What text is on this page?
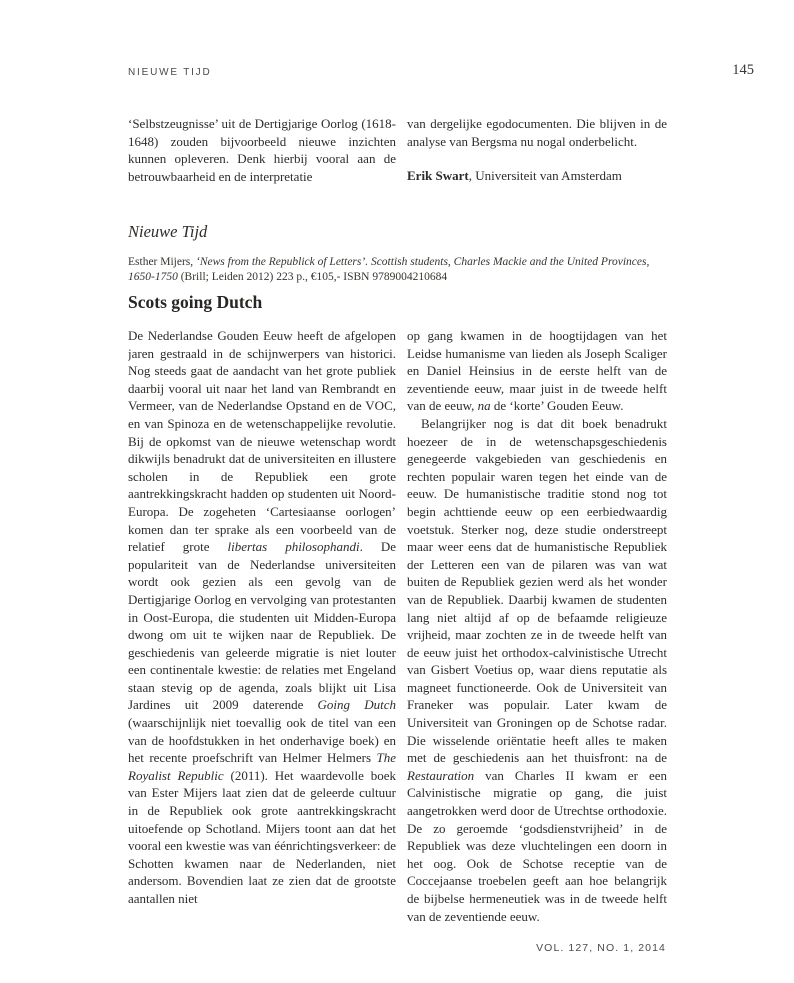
NIEUWE TIJD	145

‘Selbstzeugnisse’ uit de Dertigjarige Oorlog (1618-1648) zouden bijvoorbeeld nieuwe inzichten kunnen opleveren. Denk hierbij vooral aan de betrouwbaarheid en de interpretatie

van dergelijke egodocumenten. Die blijven in de analyse van Bergsma nu nogal onderbelicht.

Erik Swart, Universiteit van Amsterdam

Nieuwe Tijd

Esther Mijers, ‘News from the Republick of Letters’. Scottish students, Charles Mackie and the United Provinces, 1650-1750 (Brill; Leiden 2012) 223 p., €105,- ISBN 9789004210684

Scots going Dutch

De Nederlandse Gouden Eeuw heeft de afgelopen jaren gestraald in de schijnwerpers van historici. Nog steeds gaat de aandacht van het grote publiek daarbij vooral uit naar het land van Rembrandt en Vermeer, van de Nederlandse Opstand en de VOC, en van Spinoza en de wetenschappelijke revolutie. Bij de opkomst van de nieuwe wetenschap wordt dikwijls benadrukt dat de universiteiten en illustere scholen in de Republiek een grote aantrekkingskracht hadden op studenten uit Noord-Europa. De zogeheten ‘Cartesiaanse oorlogen’ komen dan ter sprake als een voorbeeld van de relatief grote libertas philosophandi. De populariteit van de Nederlandse universiteiten wordt ook gezien als een gevolg van de Dertigjarige Oorlog en vervolging van protestanten in Oost-Europa, die studenten uit Midden-Europa dwong om uit te wijken naar de Republiek. De geschiedenis van geleerde migratie is niet louter een continentale kwestie: de relaties met Engeland staan stevig op de agenda, zoals blijkt uit Lisa Jardines uit 2009 daterende Going Dutch (waarschijnlijk niet toevallig ook de titel van een van de hoofdstukken in het onderhavige boek) en het recente proefschrift van Helmer Helmers The Royalist Republic (2011). Het waardevolle boek van Ester Mijers laat zien dat de geleerde cultuur in de Republiek ook grote aantrekkingskracht uitoefende op Schotland. Mijers toont aan dat het vooral een kwestie was van éénrichtingsverkeer: de Schotten kwamen naar de Nederlanden, niet andersom. Bovendien laat ze zien dat de grootste aantallen niet

op gang kwamen in de hoogtijdagen van het Leidse humanisme van lieden als Joseph Scaliger en Daniel Heinsius in de eerste helft van de zeventiende eeuw, maar juist in de tweede helft van de eeuw, na de ‘korte’ Gouden Eeuw.

Belangrijker nog is dat dit boek benadrukt hoezeer de in de wetenschapsgeschiedenis genegeerde vakgebieden van geschiedenis en rechten populair waren tegen het einde van de eeuw. De humanistische traditie stond nog tot begin achttiende eeuw op een eerbiedwaardig voetstuk. Sterker nog, deze studie onderstreept maar weer eens dat de humanistische Republiek der Letteren een van de pilaren was van wat buiten de Republiek gezien werd als het wonder van de Republiek. Daarbij kwamen de studenten lang niet altijd af op de befaamde religieuze vrijheid, maar zochten ze in de tweede helft van de eeuw juist het orthodox-calvinistische Utrecht van Gisbert Voetius op, waar diens reputatie als magneet functioneerde. Ook de Universiteit van Franeker was populair. Later kwam de Universiteit van Groningen op de Schotse radar. Die wisselende oriëntatie heeft alles te maken met de geschiedenis aan het thuisfront: na de Restauration van Charles II kwam er een Calvinistische migratie op gang, die juist aangetrokken werd door de Utrechtse orthodoxie. De zo geroemde ‘godsdienstvrijheid’ in de Republiek was deze vluchtelingen een doorn in het oog. Ook de Schotse receptie van de Coccejaanse troebelen geeft aan hoe belangrijk de bijbelse hermeneutiek was in de tweede helft van de zeventiende eeuw.

VOL. 127, NO. 1, 2014
